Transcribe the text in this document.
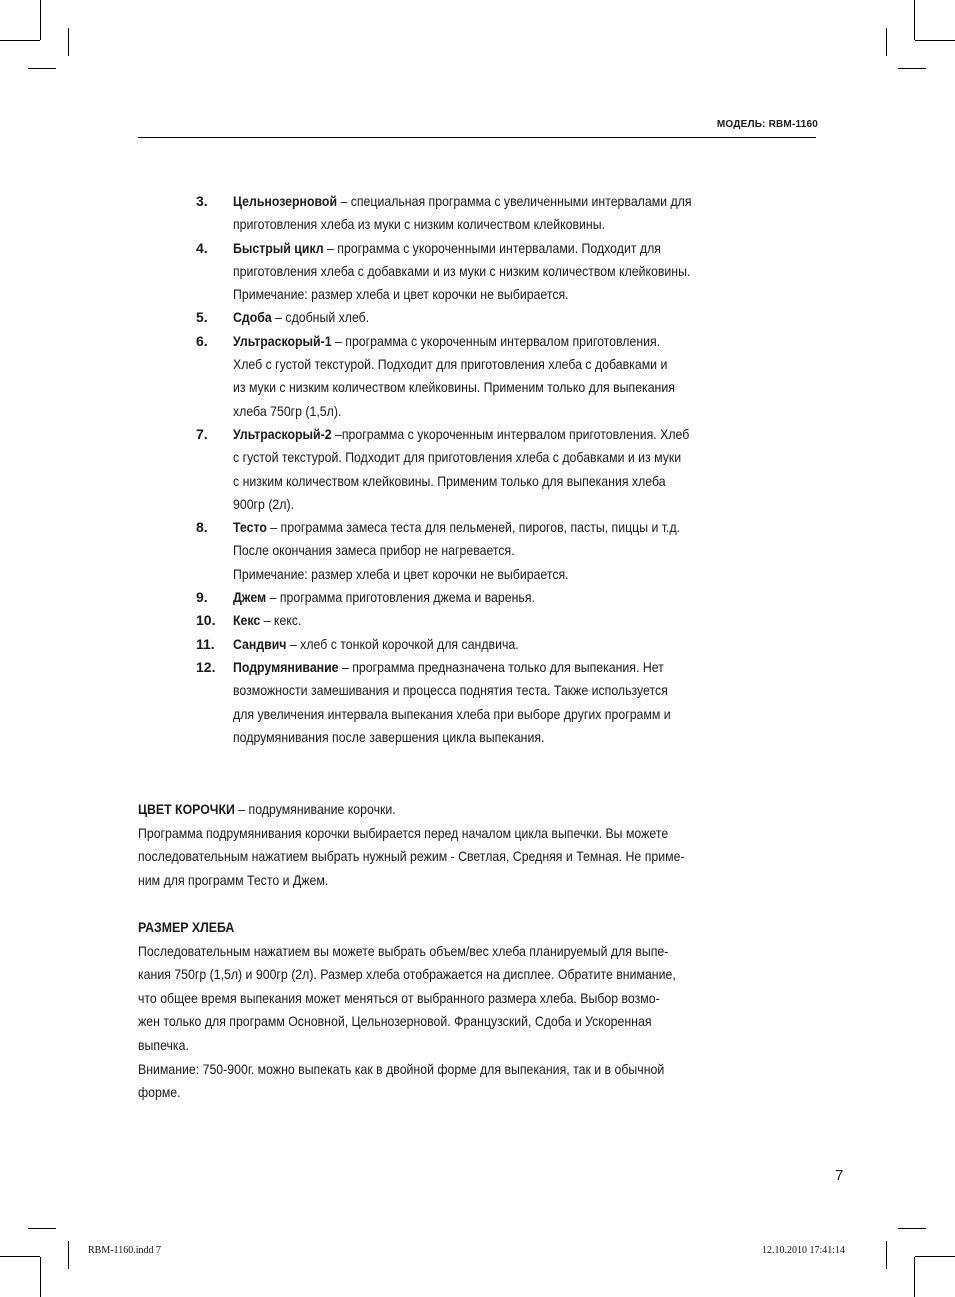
МОДЕЛЬ: RBM-1160
3. Цельнозерновой – специальная программа с увеличенными интервалами для
приготовления хлеба из муки с низким количеством клейковины.
4. Быстрый цикл – программа с укороченными интервалами. Подходит для
приготовления хлеба с добавками и из муки с низким количеством клейковины.
Примечание: размер хлеба и цвет корочки не выбирается.
5. Сдоба – сдобный хлеб.
6. Ультраскорый-1 – программа с укороченным интервалом приготовления.
Хлеб с густой текстурой. Подходит для приготовления хлеба с добавками и
из муки с низким количеством клейковины. Применим только для выпекания
хлеба 750гр (1,5л).
7. Ультраскорый-2 –программа с укороченным интервалом приготовления. Хлеб
с густой текстурой. Подходит для приготовления хлеба с добавками и из муки
с низким количеством клейковины. Применим только для выпекания хлеба
900гр (2л).
8. Тесто – программа замеса теста для пельменей, пирогов, пасты, пиццы и т.д.
После окончания замеса прибор не нагревается.
Примечание: размер хлеба и цвет корочки не выбирается.
9. Джем – программа приготовления джема и варенья.
10. Кекс – кекс.
11. Сандвич – хлеб с тонкой корочкой для сандвича.
12. Подрумянивание – программа предназначена только для выпекания. Нет
возможности замешивания и процесса поднятия теста. Также используется
для увеличения интервала выпекания хлеба при выборе других программ и
подрумянивания после завершения цикла выпекания.
ЦВЕТ КОРОЧКИ – подрумянивание корочки.
Программа подрумянивания корочки выбирается перед началом цикла выпечки. Вы можете
последовательным нажатием выбрать нужный режим - Светлая, Средняя и Темная. Не приме-
ним для программ Тесто и Джем.
РАЗМЕР ХЛЕБА
Последовательным нажатием вы можете выбрать объем/вес хлеба планируемый для выпе-
кания 750гр (1,5л) и 900гр (2л). Размер хлеба отображается на дисплее. Обратите внимание,
что общее время выпекания может меняться от выбранного размера хлеба. Выбор возмо-
жен только для программ Основной, Цельнозерновой. Французский, Сдоба и Ускоренная
выпечка.
Внимание: 750-900г. можно выпекать как в двойной форме для выпекания, так и в обычной
форме.
7
RBM-1160.indd 7	12.10.2010 17:41:14
